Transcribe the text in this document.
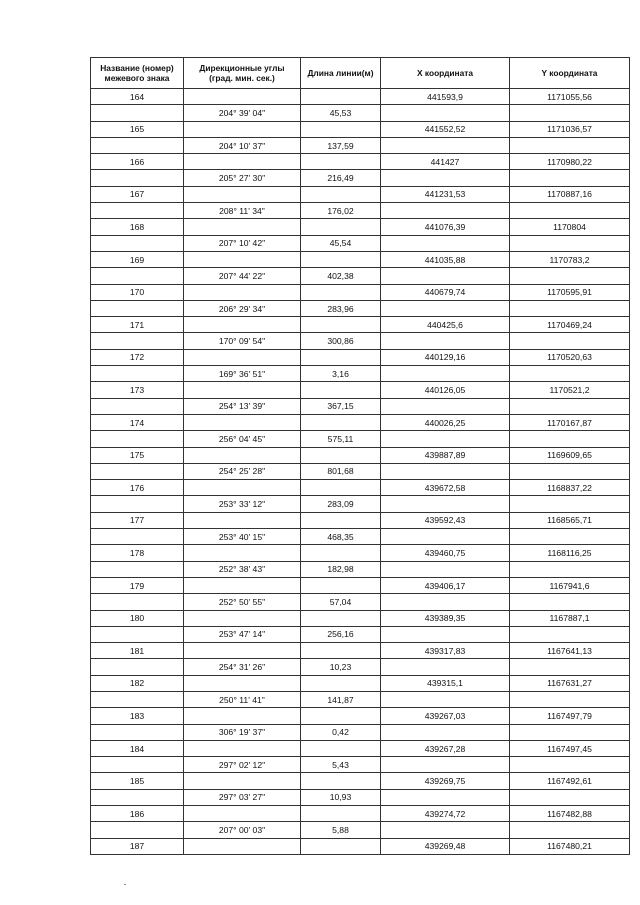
Название (номер) межевого знака	Дирекционные углы (град. мин. сек.)	Длина линии(м)	X координата	Y координата
164			441593,9	1171055,56
	204° 39' 04"	45,53		
165			441552,52	1171036,57
	204° 10' 37"	137,59		
166			441427	1170980,22
	205° 27' 30"	216,49		
167			441231,53	1170887,16
	208° 11' 34"	176,02		
168			441076,39	1170804
	207° 10' 42"	45,54		
169			441035,88	1170783,2
	207° 44' 22"	402,38		
170			440679,74	1170595,91
	206° 29' 34"	283,96		
171			440425,6	1170469,24
	170° 09' 54"	300,86		
172			440129,16	1170520,63
	169° 36' 51"	3,16		
173			440126,05	1170521,2
	254° 13' 39"	367,15		
174			440026,25	1170167,87
	256° 04' 45"	575,11		
175			439887,89	1169609,65
	254° 25' 28"	801,68		
176			439672,58	1168837,22
	253° 33' 12"	283,09		
177			439592,43	1168565,71
	253° 40' 15"	468,35		
178			439460,75	1168116,25
	252° 38' 43"	182,98		
179			439406,17	1167941,6
	252° 50' 55"	57,04		
180			439389,35	1167887,1
	253° 47' 14"	256,16		
181			439317,83	1167641,13
	254° 31' 26"	10,23		
182			439315,1	1167631,27
	250° 11' 41"	141,87		
183			439267,03	1167497,79
	306° 19' 37"	0,42		
184			439267,28	1167497,45
	297° 02' 12"	5,43		
185			439269,75	1167492,61
	297° 03' 27"	10,93		
186			439274,72	1167482,88
	207° 00' 03"	5,88		
187			439269,48	1167480,21
